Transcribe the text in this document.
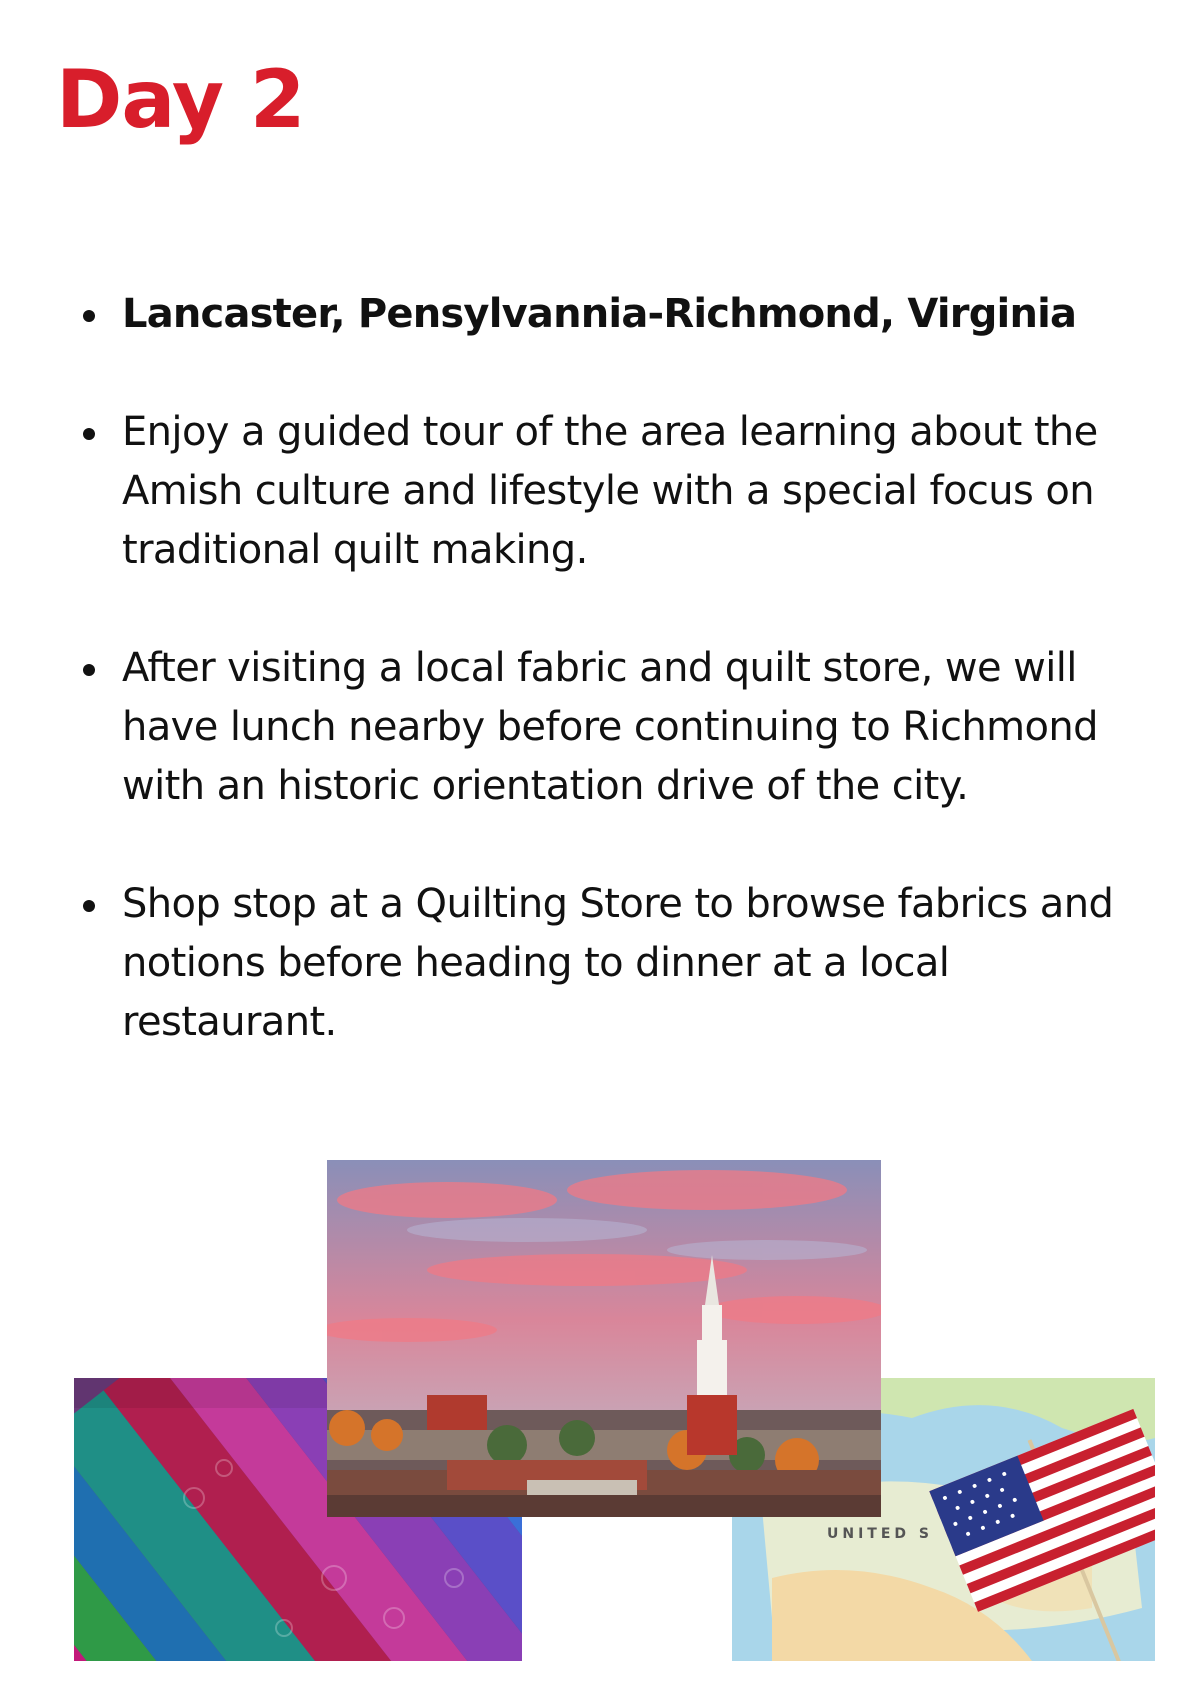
Day 2
Lancaster, Pensylvannia-Richmond, Virginia
Enjoy a guided tour of the area learning about the Amish culture and lifestyle with a special focus on traditional quilt making.
After visiting a local fabric and quilt store, we will have lunch nearby before continuing to Richmond with an historic orientation drive of the city.
Shop stop at a Quilting Store to browse fabrics and notions before heading to dinner at a local restaurant.
UNITED S
